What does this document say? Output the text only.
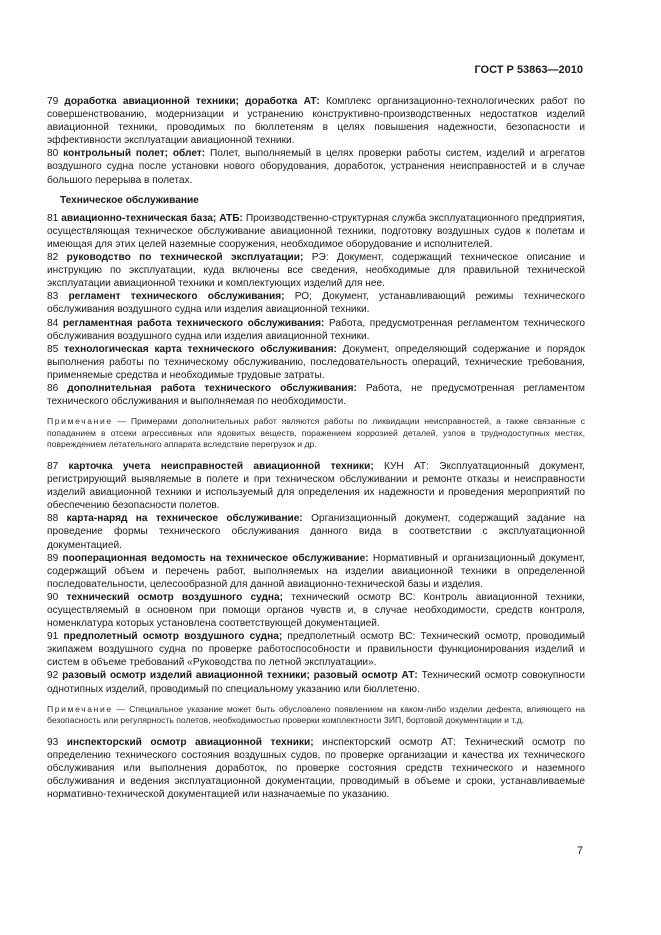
ГОСТ Р 53863—2010

79 доработка авиационной техники; доработка АТ: Комплекс организационно-технологических работ по совершенствованию, модернизации и устранению конструктивно-производственных недостатков изделий авиационной техники, проводимых по бюллетеням в целях повышения надежности, безопасности и эффективности эксплуатации авиационной техники.

80 контрольный полет; облет: Полет, выполняемый в целях проверки работы систем, изделий и агрегатов воздушного судна после установки нового оборудования, доработок, устранения неисправностей и в случае большого перерыва в полетах.

Техническое обслуживание

81 авиационно-техническая база; АТБ: Производственно-структурная служба эксплуатационного предприятия, осуществляющая техническое обслуживание авиационной техники, подготовку воздушных судов к полетам и имеющая для этих целей наземные сооружения, необходимое оборудование и исполнителей.

82 руководство по технической эксплуатации; РЭ: Документ, содержащий техническое описание и инструкцию по эксплуатации, куда включены все сведения, необходимые для правильной технической эксплуатации авиационной техники и комплектующих изделий для нее.

83 регламент технического обслуживания; РО; Документ, устанавливающий режимы технического обслуживания воздушного судна или изделия авиационной техники.

84 регламентная работа технического обслуживания: Работа, предусмотренная регламентом технического обслуживания воздушного судна или изделия авиационной техники.

85 технологическая карта технического обслуживания: Документ, определяющий содержание и порядок выполнения работы по техническому обслуживанию, последовательность операций, технические требования, применяемые средства и необходимые трудовые затраты.

86 дополнительная работа технического обслуживания: Работа, не предусмотренная регламентом технического обслуживания и выполняемая по необходимости.

Примечание — Примерами дополнительных работ являются работы по ликвидации неисправностей, а также связанные с попаданием в отсеки агрессивных или ядовитых веществ, поражением коррозией деталей, узлов в труднодоступных местах, повреждением летательного аппарата вследствие перегрузок и др.

87 карточка учета неисправностей авиационной техники; КУН АТ: Эксплуатационный документ, регистрирующий выявляемые в полете и при техническом обслуживании и ремонте отказы и неисправности изделий авиационной техники и используемый для определения их надежности и проведения мероприятий по обеспечению безопасности полетов.

88 карта-наряд на техническое обслуживание: Организационный документ, содержащий задание на проведение формы технического обслуживания данного вида в соответствии с эксплуатационной документацией.

89 пооперационная ведомость на техническое обслуживание: Нормативный и организационный документ, содержащий объем и перечень работ, выполняемых на изделии авиационной техники в определенной последовательности, целесообразной для данной авиационно-технической базы и изделия.

90 технический осмотр воздушного судна; технический осмотр ВС: Контроль авиационной техники, осуществляемый в основном при помощи органов чувств и, в случае необходимости, средств контроля, номенклатура которых установлена соответствующей документацией.

91 предполетный осмотр воздушного судна; предполетный осмотр ВС: Технический осмотр, проводимый экипажем воздушного судна по проверке работоспособности и правильности функционирования изделий и систем в объеме требований «Руководства по летной эксплуатации».

92 разовый осмотр изделий авиационной техники; разовый осмотр АТ: Технический осмотр совокупности однотипных изделий, проводимый по специальному указанию или бюллетеню.

Примечание — Специальное указание может быть обусловлено появлением на каком-либо изделии дефекта, влияющего на безопасность или регулярность полетов, необходимостью проверки комплектности ЗИП, бортовой документации и т.д.

93 инспекторский осмотр авиационной техники; инспекторский осмотр АТ: Технический осмотр по определению технического состояния воздушных судов, по проверке организации и качества их технического обслуживания или выполнения доработок, по проверке состояния средств технического и наземного обслуживания и ведения эксплуатационной документации, проводимый в объеме и сроки, устанавливаемые нормативно-технической документацией или назначаемые по указанию.

7
